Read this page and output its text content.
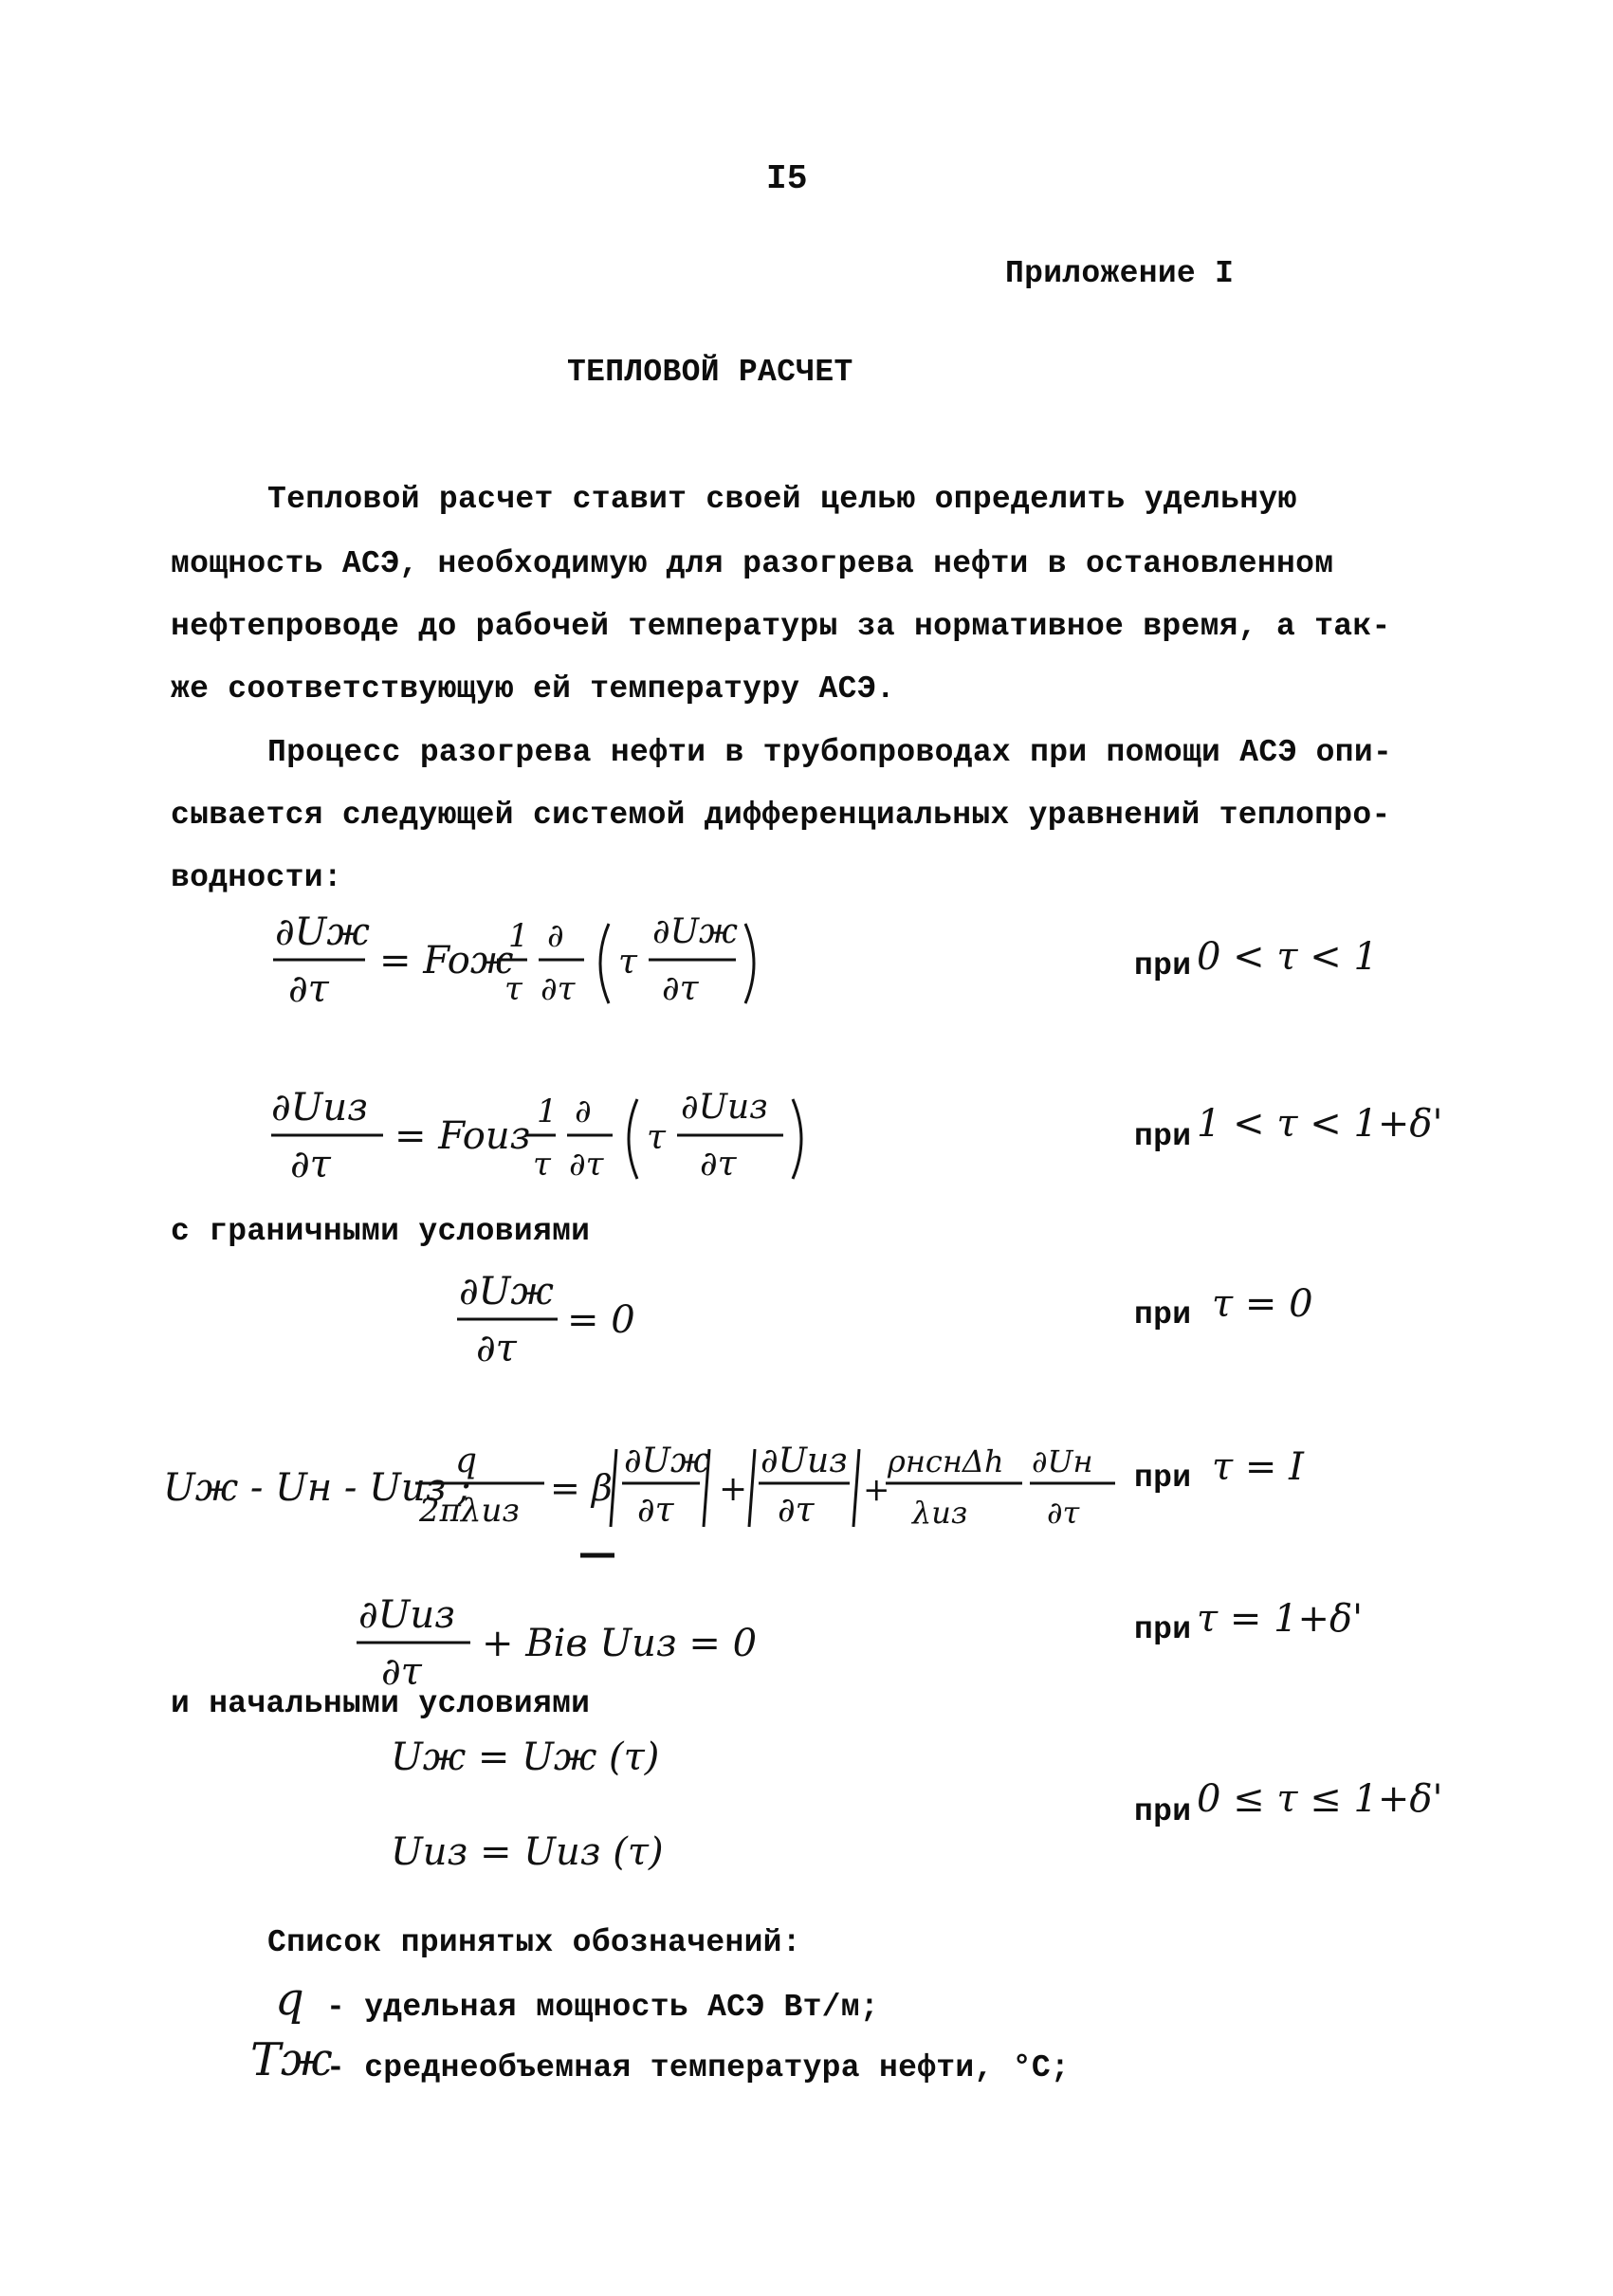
I5
Приложение I
ТЕПЛОВОЙ РАСЧЕТ
Тепловой расчет ставит своей целью определить удельную
мощность АСЭ, необходимую для разогрева нефти в остановленном
нефтепроводе до рабочей температуры за нормативное время, а так-
же соответствующую ей температуру АСЭ.
Процесс разогрева нефти в трубопроводах при помощи АСЭ опи-
сывается следующей системой дифференциальных уравнений теплопро-
водности:
∂Uж
∂τ
= Foж
1
τ
∂
∂τ
τ
∂Uж
∂τ
при 0 < τ < 1
∂Uиз
∂τ
= Foиз
1
τ
∂
∂τ
τ
∂Uиз
∂τ
при 1 < τ < 1+δ'
с граничными условиями
∂Uж
∂τ
= 0	при τ = 0
Uж - Uн - Uиз ;
q
2πλиз
= β
∂Uж
∂τ
+
∂Uиз
∂τ
+
ρнcнΔh
λиз
∂Uн
∂τ
при τ = I
∂Uиз
∂τ
+ Biв Uиз = 0	при τ = 1+δ'
и начальными условиями
Uж = Uж (τ)
Uиз = Uиз (τ)
при 0 ≤ τ ≤ 1+δ'
Список принятых обозначений:
q - удельная мощность АСЭ Вт/м;
Tж
- среднеобъемная температура нефти, °C;
